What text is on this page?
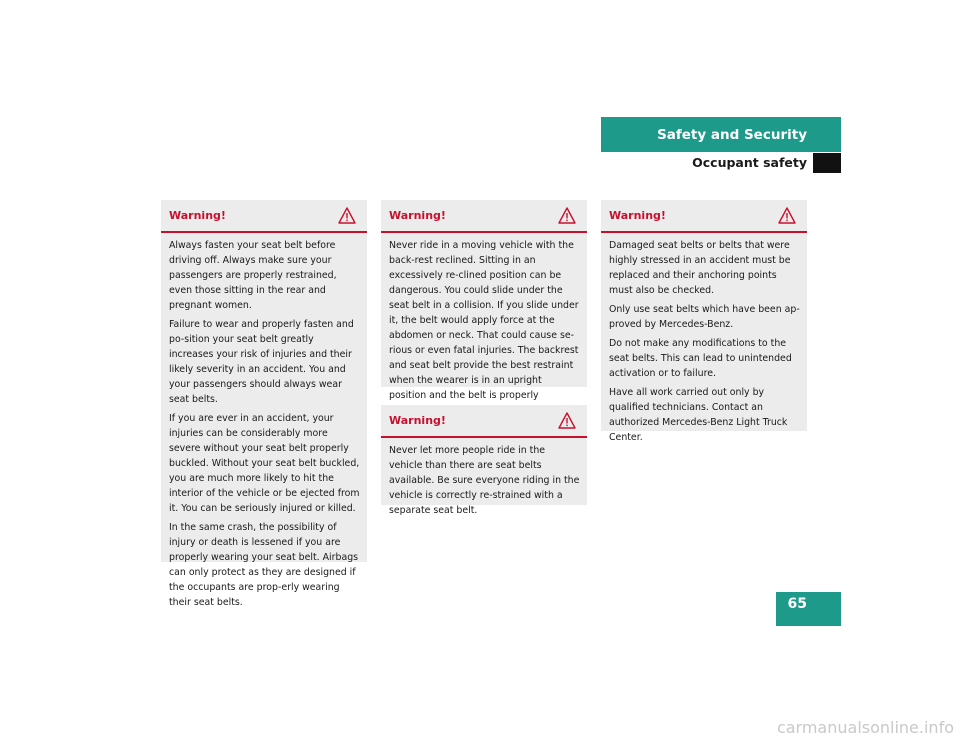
Safety and Security
Occupant safety
Warning!

Always fasten your seat belt before driving off. Always make sure your passengers are properly restrained, even those sitting in the rear and pregnant women.

Failure to wear and properly fasten and po-sition your seat belt greatly increases your risk of injuries and their likely severity in an accident. You and your passengers should always wear seat belts.

If you are ever in an accident, your injuries can be considerably more severe without your seat belt properly buckled. Without your seat belt buckled, you are much more likely to hit the interior of the vehicle or be ejected from it. You can be seriously injured or killed.

In the same crash, the possibility of injury or death is lessened if you are properly wearing your seat belt. Airbags can only protect as they are designed if the occupants are prop-erly wearing their seat belts.

Warning!

Never ride in a moving vehicle with the back-rest reclined. Sitting in an excessively re-clined position can be dangerous. You could slide under the seat belt in a collision. If you slide under it, the belt would apply force at the abdomen or neck. That could cause se-rious or even fatal injuries. The backrest and seat belt provide the best restraint when the wearer is in an upright position and the belt is properly

Warning!

Never let more people ride in the vehicle than there are seat belts available. Be sure everyone riding in the vehicle is correctly re-strained with a separate seat belt.

Warning!

Damaged seat belts or belts that were highly stressed in an accident must be replaced and their anchoring points must also be checked.

Only use seat belts which have been ap-proved by Mercedes-Benz.

Do not make any modifications to the seat belts. This can lead to unintended activation or to failure.

Have all work carried out only by qualified technicians. Contact an authorized Mercedes-Benz Light Truck Center.

65
carmanualsonline.info
